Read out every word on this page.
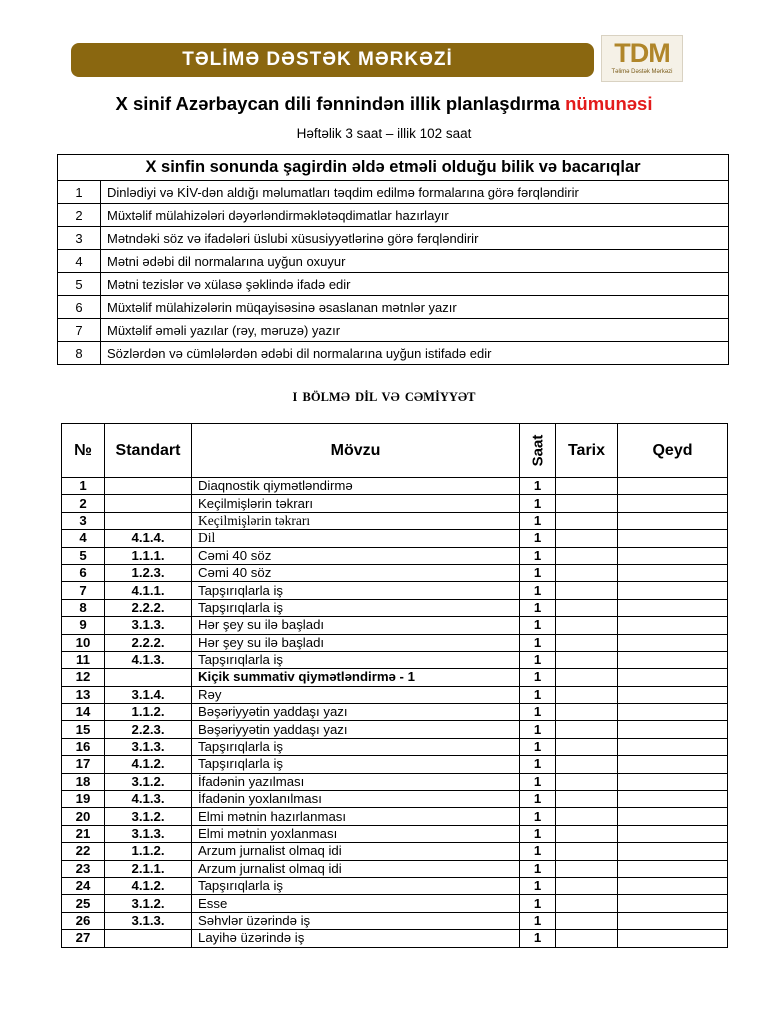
TƏLİMƏ DƏSTƏK MƏRKƏZİ	TDM
Təlimə Dəstək Mərkəzi
X sinif Azərbaycan dili fənnindən illik planlaşdırma nümunəsi
Həftəlik 3 saat – illik 102 saat
X sinfin sonunda şagirdin əldə etməli olduğu bilik və bacarıqlar	
1	Dinlədiyi və KİV-dən aldığı məlumatları təqdim edilmə formalarına görə fərqləndirir
2	Müxtəlif mülahizələri dəyərləndirməklətəqdimatlar hazırlayır
3	Mətndəki söz və ifadələri üslubi xüsusiyyətlərinə görə fərqləndirir
4	Mətni ədəbi dil normalarına uyğun oxuyur
5	Mətni tezislər və xülasə şəklində ifadə edir
6	Müxtəlif mülahizələrin müqayisəsinə əsaslanan mətnlər yazır
7	Müxtəlif əməli yazılar (rəy, məruzə) yazır
8	Sözlərdən və cümlələrdən ədəbi dil normalarına uyğun istifadə edir
I BÖLMƏ DİL VƏ CƏMİYYƏT
№	Standart	Mövzu	Saat	Tarix	Qeyd
1		Diaqnostik qiymətləndirmə	1		
2		Keçilmişlərin təkrarı	1		
3		Keçilmişlərin təkrarı	1		
4	4.1.4.	Dil	1		
5	1.1.1.	Cəmi 40 söz	1		
6	1.2.3.	Cəmi 40 söz	1		
7	4.1.1.	Tapşırıqlarla iş	1		
8	2.2.2.	Tapşırıqlarla iş	1		
9	3.1.3.	Hər şey su ilə başladı	1		
10	2.2.2.	Hər şey su ilə başladı	1		
11	4.1.3.	Tapşırıqlarla iş	1		
12		Kiçik summativ qiymətləndirmə - 1	1		
13	3.1.4.	Rəy	1		
14	1.1.2.	Bəşəriyyətin yaddaşı yazı	1		
15	2.2.3.	Bəşəriyyətin yaddaşı yazı	1		
16	3.1.3.	Tapşırıqlarla iş	1		
17	4.1.2.	Tapşırıqlarla iş	1		
18	3.1.2.	İfadənin yazılması	1		
19	4.1.3.	İfadənin yoxlanılması	1		
20	3.1.2.	Elmi mətnin hazırlanması	1		
21	3.1.3.	Elmi mətnin yoxlanması	1		
22	1.1.2.	Arzum jurnalist olmaq idi	1		
23	2.1.1.	Arzum jurnalist olmaq idi	1		
24	4.1.2.	Tapşırıqlarla iş	1		
25	3.1.2.	Esse	1		
26	3.1.3.	Səhvlər üzərində iş	1		
27		Layihə üzərində iş	1		
